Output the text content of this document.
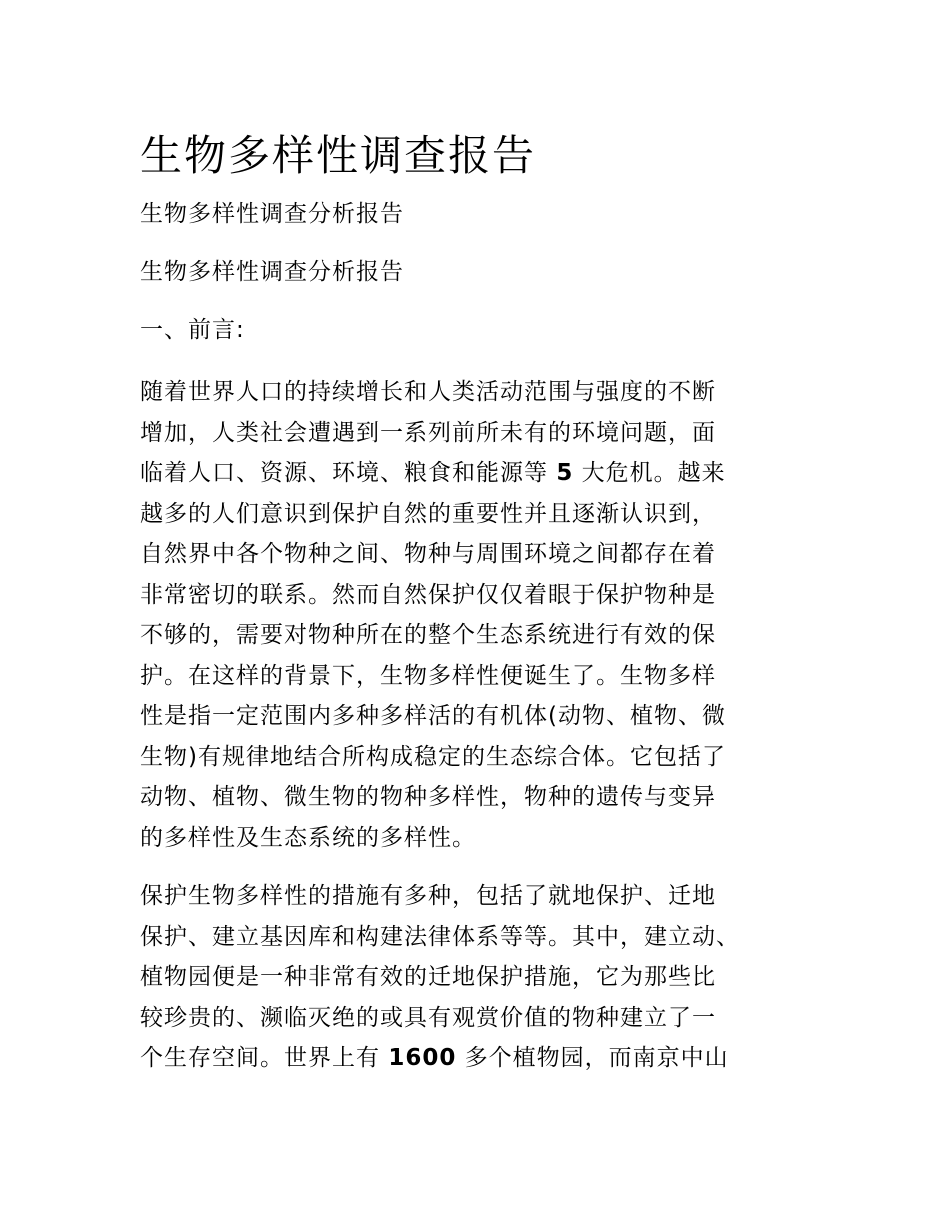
生物多样性调查报告
生物多样性调查分析报告
生物多样性调查分析报告
一、前言:
随着世界人口的持续增长和人类活动范围与强度的不断
增加，人类社会遭遇到一系列前所未有的环境问题，面
临着人口、资源、环境、粮食和能源等 5 大危机。越来
越多的人们意识到保护自然的重要性并且逐渐认识到，
自然界中各个物种之间、物种与周围环境之间都存在着
非常密切的联系。然而自然保护仅仅着眼于保护物种是
不够的，需要对物种所在的整个生态系统进行有效的保
护。在这样的背景下，生物多样性便诞生了。生物多样
性是指一定范围内多种多样活的有机体(动物、植物、微
生物)有规律地结合所构成稳定的生态综合体。它包括了
动物、植物、微生物的物种多样性，物种的遗传与变异
的多样性及生态系统的多样性。
保护生物多样性的措施有多种，包括了就地保护、迁地
保护、建立基因库和构建法律体系等等。其中，建立动、
植物园便是一种非常有效的迁地保护措施，它为那些比
较珍贵的、濒临灭绝的或具有观赏价值的物种建立了一
个生存空间。世界上有 1600 多个植物园，而南京中山
